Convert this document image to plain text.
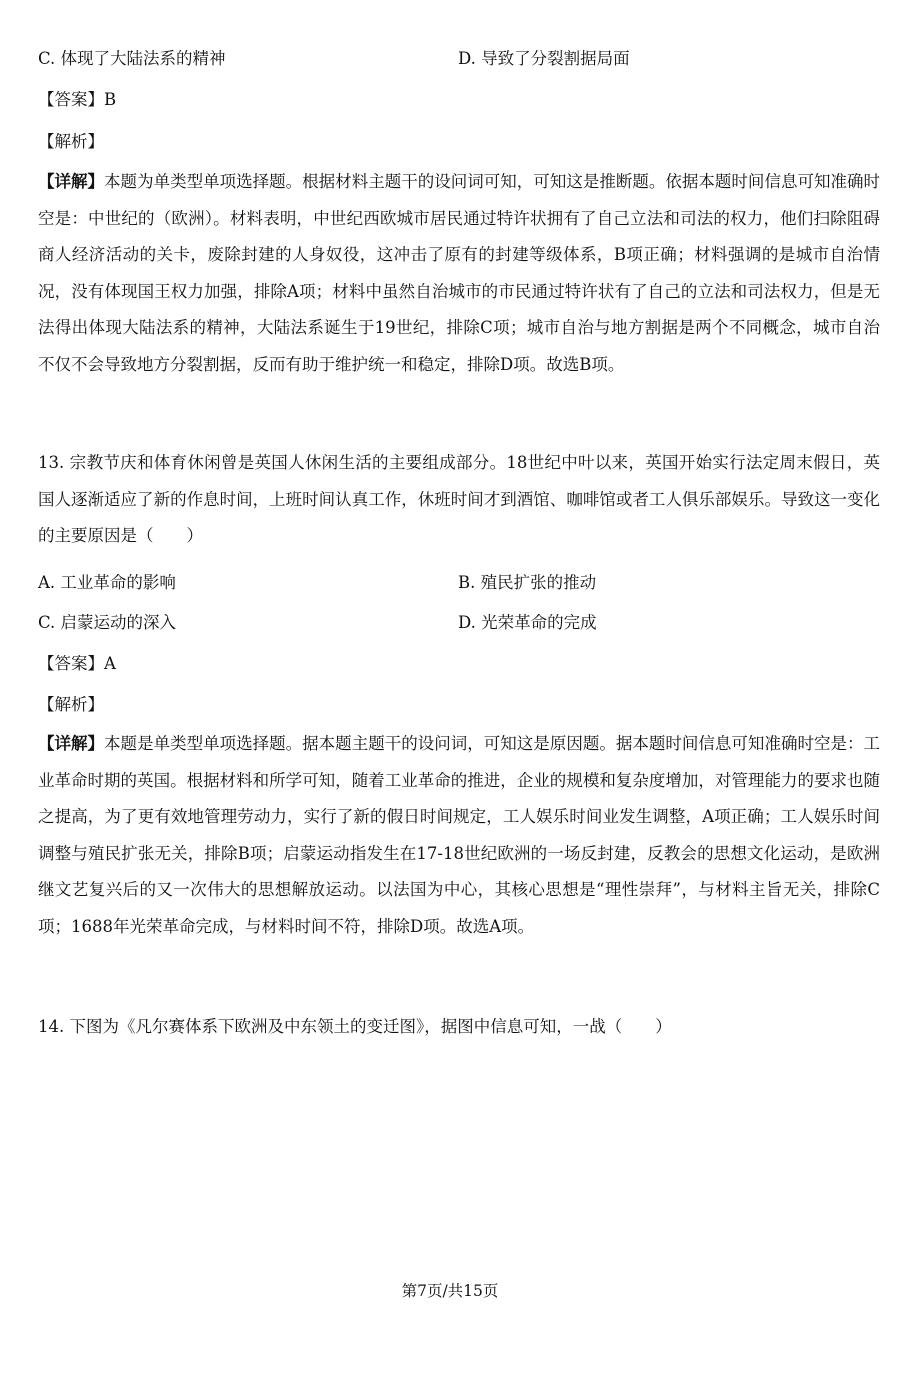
C. 体现了大陆法系的精神	D. 导致了分裂割据局面
【答案】B
【解析】
【详解】本题为单类型单项选择题。根据材料主题干的设问词可知，可知这是推断题。依据本题时间信息可知准确时空是：中世纪的（欧洲）。材料表明，中世纪西欧城市居民通过特许状拥有了自己立法和司法的权力，他们扫除阻碍商人经济活动的关卡，废除封建的人身奴役，这冲击了原有的封建等级体系，B项正确；材料强调的是城市自治情况，没有体现国王权力加强，排除A项；材料中虽然自治城市的市民通过特许状有了自己的立法和司法权力，但是无法得出体现大陆法系的精神，大陆法系诞生于19世纪，排除C项；城市自治与地方割据是两个不同概念，城市自治不仅不会导致地方分裂割据，反而有助于维护统一和稳定，排除D项。故选B项。
13. 宗教节庆和体育休闲曾是英国人休闲生活的主要组成部分。18世纪中叶以来，英国开始实行法定周末假日，英国人逐渐适应了新的作息时间，上班时间认真工作，休班时间才到酒馆、咖啡馆或者工人俱乐部娱乐。导致这一变化的主要原因是（　　）
A. 工业革命的影响	B. 殖民扩张的推动
C. 启蒙运动的深入	D. 光荣革命的完成
【答案】A
【解析】
【详解】本题是单类型单项选择题。据本题主题干的设问词，可知这是原因题。据本题时间信息可知准确时空是：工业革命时期的英国。根据材料和所学可知，随着工业革命的推进，企业的规模和复杂度增加，对管理能力的要求也随之提高，为了更有效地管理劳动力，实行了新的假日时间规定，工人娱乐时间业发生调整，A项正确；工人娱乐时间调整与殖民扩张无关，排除B项；启蒙运动指发生在17-18世纪欧洲的一场反封建，反教会的思想文化运动，是欧洲继文艺复兴后的又一次伟大的思想解放运动。以法国为中心，其核心思想是“理性崇拜”，与材料主旨无关，排除C项；1688年光荣革命完成，与材料时间不符，排除D项。故选A项。
14. 下图为《凡尔赛体系下欧洲及中东领土的变迁图》，据图中信息可知，一战（　　）
第7页/共15页
